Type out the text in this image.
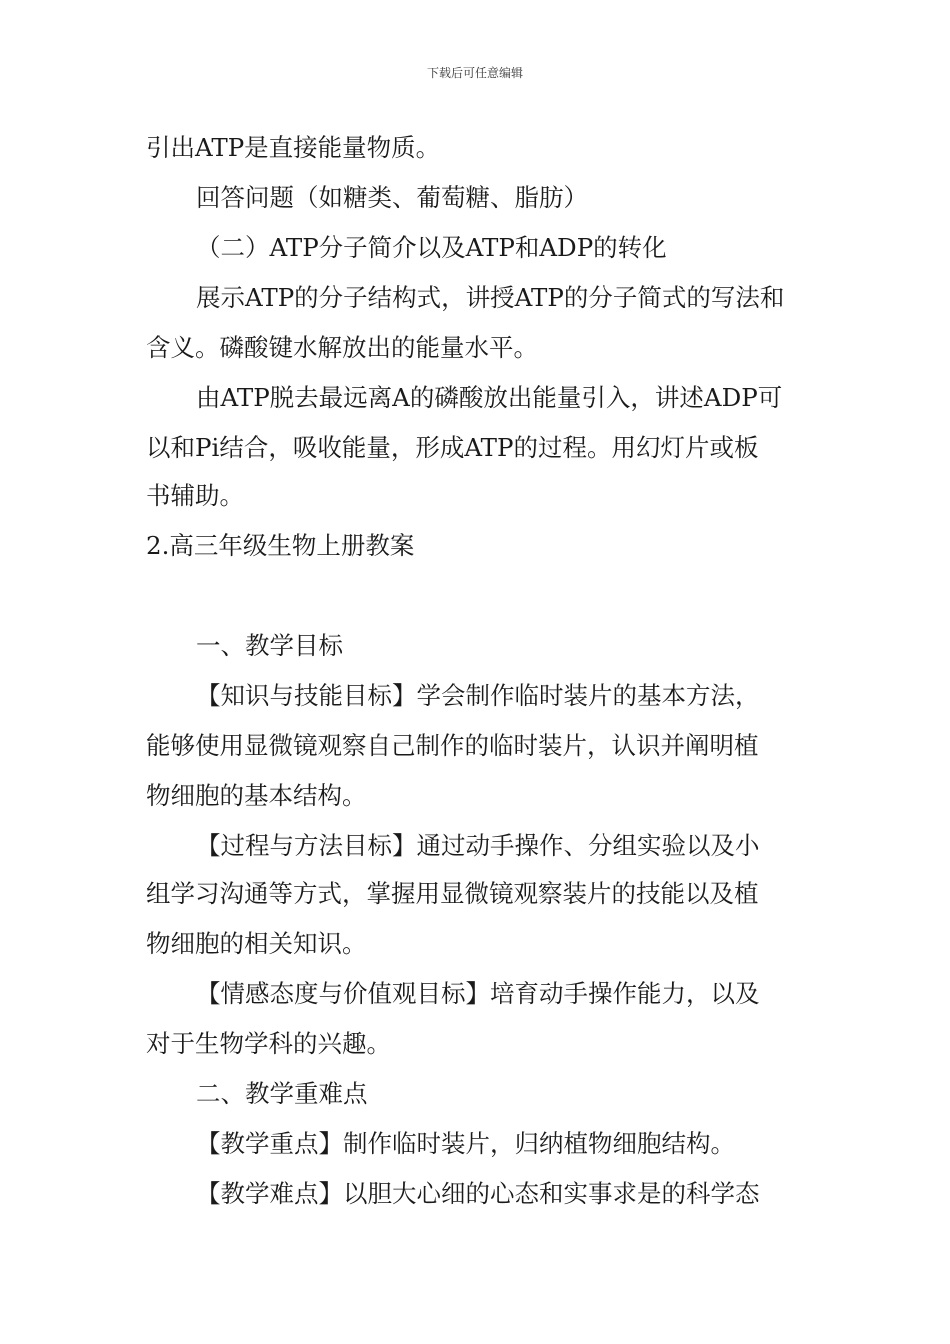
下载后可任意编辑
引出ATP是直接能量物质。
回答问题（如糖类、葡萄糖、脂肪）
（二）ATP分子简介以及ATP和ADP的转化
展示ATP的分子结构式，讲授ATP的分子简式的写法和
含义。磷酸键水解放出的能量水平。
由ATP脱去最远离A的磷酸放出能量引入，讲述ADP可
以和Pi结合，吸收能量，形成ATP的过程。用幻灯片或板
书辅助。
2.高三年级生物上册教案
一、教学目标
【知识与技能目标】学会制作临时装片的基本方法，
能够使用显微镜观察自己制作的临时装片，认识并阐明植
物细胞的基本结构。
【过程与方法目标】通过动手操作、分组实验以及小
组学习沟通等方式，掌握用显微镜观察装片的技能以及植
物细胞的相关知识。
【情感态度与价值观目标】培育动手操作能力，以及
对于生物学科的兴趣。
二、教学重难点
【教学重点】制作临时装片，归纳植物细胞结构。
【教学难点】以胆大心细的心态和实事求是的科学态
